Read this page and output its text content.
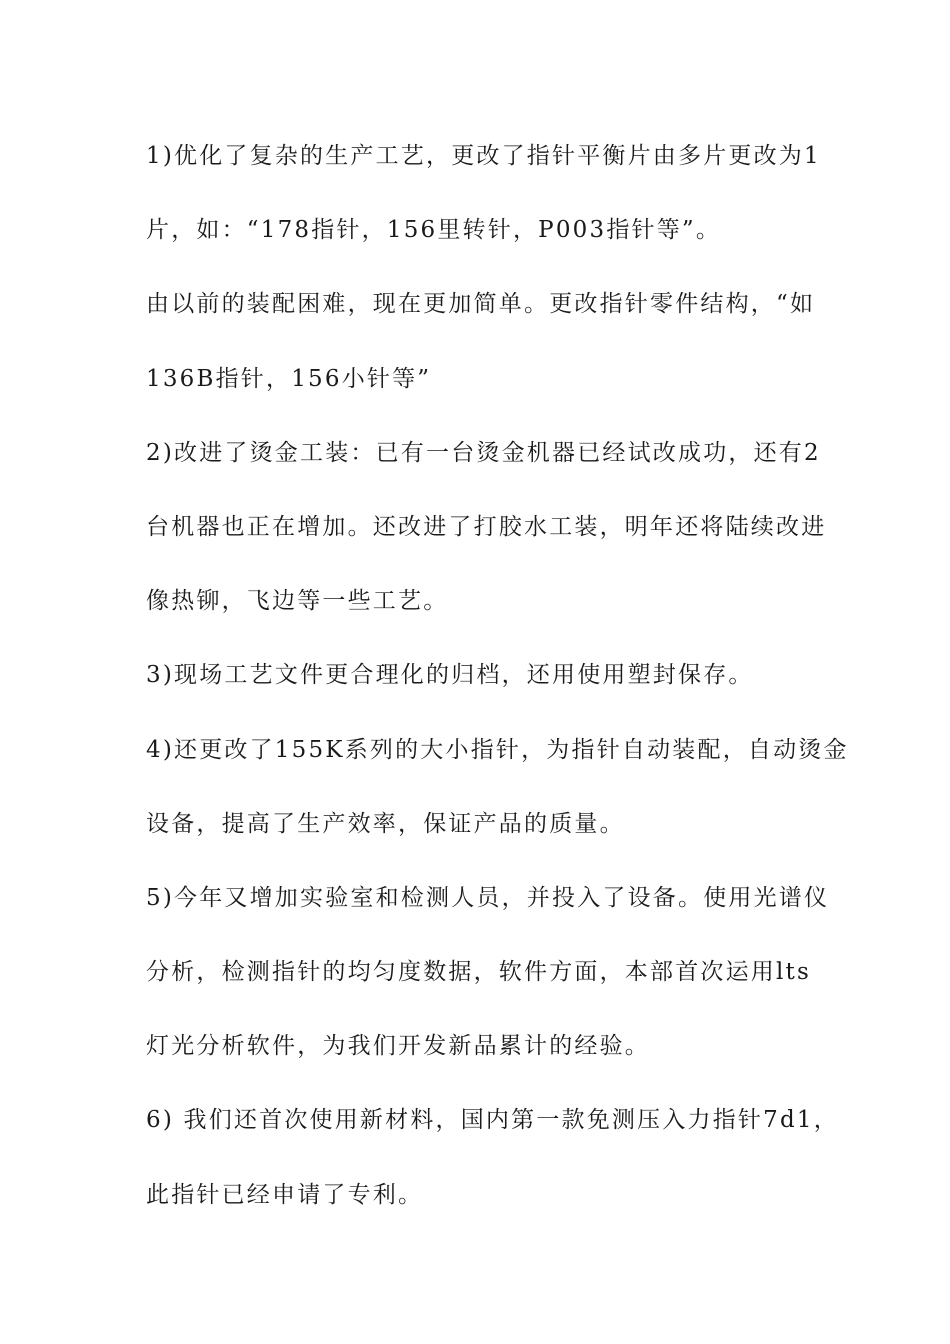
1)优化了复杂的生产工艺，更改了指针平衡片由多片更改为1
片，如：“178指针，156里转针，P003指针等”。
由以前的装配困难，现在更加简单。更改指针零件结构，“如
136B指针，156小针等”
2)改进了烫金工装：已有一台烫金机器已经试改成功，还有2
台机器也正在增加。还改进了打胶水工装，明年还将陆续改进
像热铆，飞边等一些工艺。
3)现场工艺文件更合理化的归档，还用使用塑封保存。
4)还更改了155K系列的大小指针，为指针自动装配，自动烫金
设备，提高了生产效率，保证产品的质量。
5)今年又增加实验室和检测人员，并投入了设备。使用光谱仪
分析，检测指针的均匀度数据，软件方面，本部首次运用lts
灯光分析软件，为我们开发新品累计的经验。
6) 我们还首次使用新材料，国内第一款免测压入力指针7d1，
此指针已经申请了专利。
